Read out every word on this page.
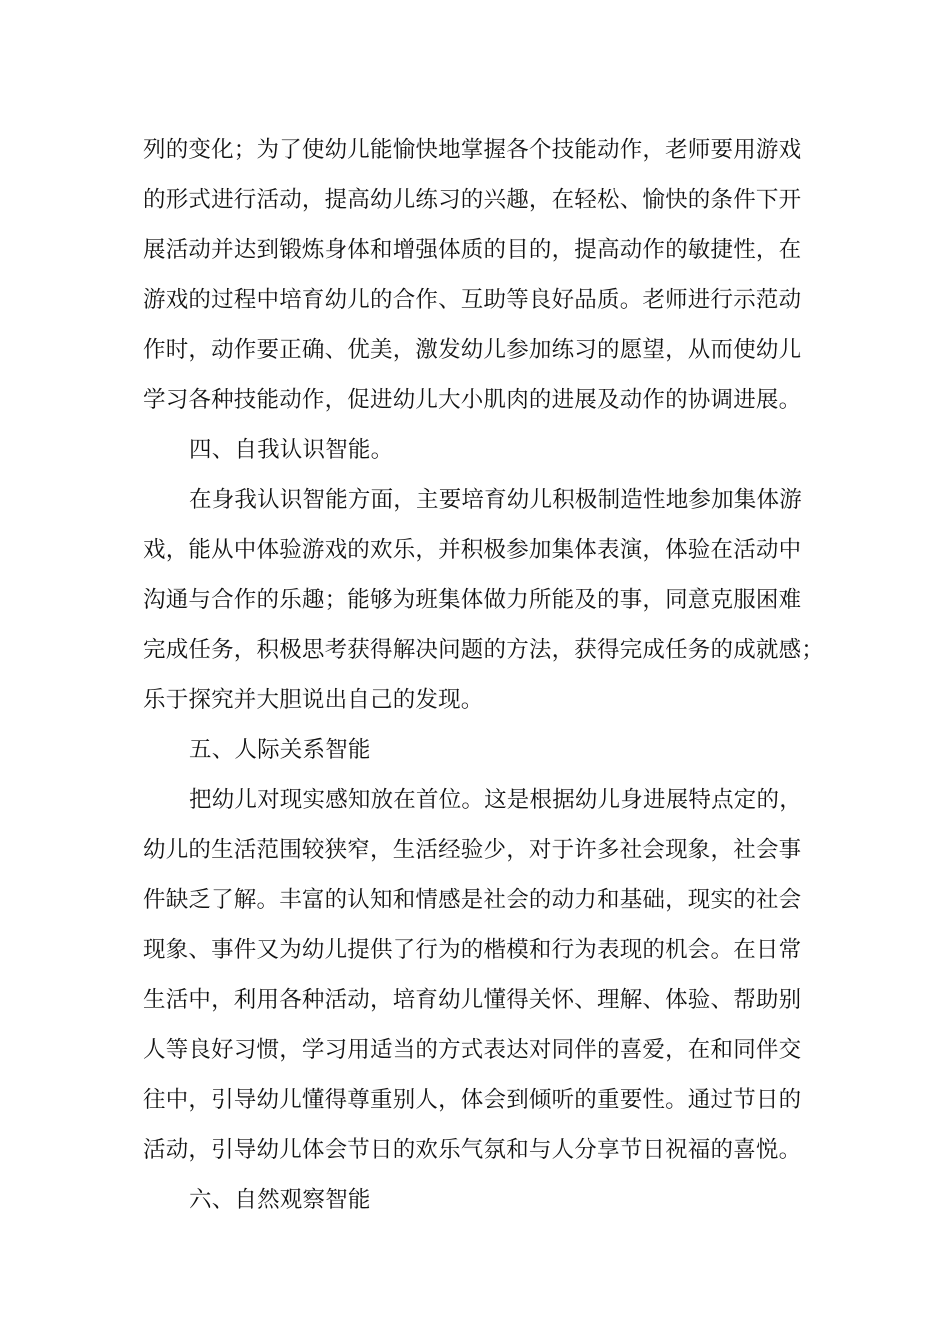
列的变化；为了使幼儿能愉快地掌握各个技能动作，老师要用游戏
的形式进行活动，提高幼儿练习的兴趣，在轻松、愉快的条件下开
展活动并达到锻炼身体和增强体质的目的，提高动作的敏捷性，在
游戏的过程中培育幼儿的合作、互助等良好品质。老师进行示范动
作时，动作要正确、优美，激发幼儿参加练习的愿望，从而使幼儿
学习各种技能动作，促进幼儿大小肌肉的进展及动作的协调进展。
四、自我认识智能。
在身我认识智能方面，主要培育幼儿积极制造性地参加集体游
戏，能从中体验游戏的欢乐，并积极参加集体表演，体验在活动中
沟通与合作的乐趣；能够为班集体做力所能及的事，同意克服困难
完成任务，积极思考获得解决问题的方法，获得完成任务的成就感；
乐于探究并大胆说出自己的发现。
五、人际关系智能
把幼儿对现实感知放在首位。这是根据幼儿身进展特点定的，
幼儿的生活范围较狭窄，生活经验少，对于许多社会现象，社会事
件缺乏了解。丰富的认知和情感是社会的动力和基础，现实的社会
现象、事件又为幼儿提供了行为的楷模和行为表现的机会。在日常
生活中，利用各种活动，培育幼儿懂得关怀、理解、体验、帮助别
人等良好习惯，学习用适当的方式表达对同伴的喜爱，在和同伴交
往中，引导幼儿懂得尊重别人，体会到倾听的重要性。通过节日的
活动，引导幼儿体会节日的欢乐气氛和与人分享节日祝福的喜悦。
六、自然观察智能
